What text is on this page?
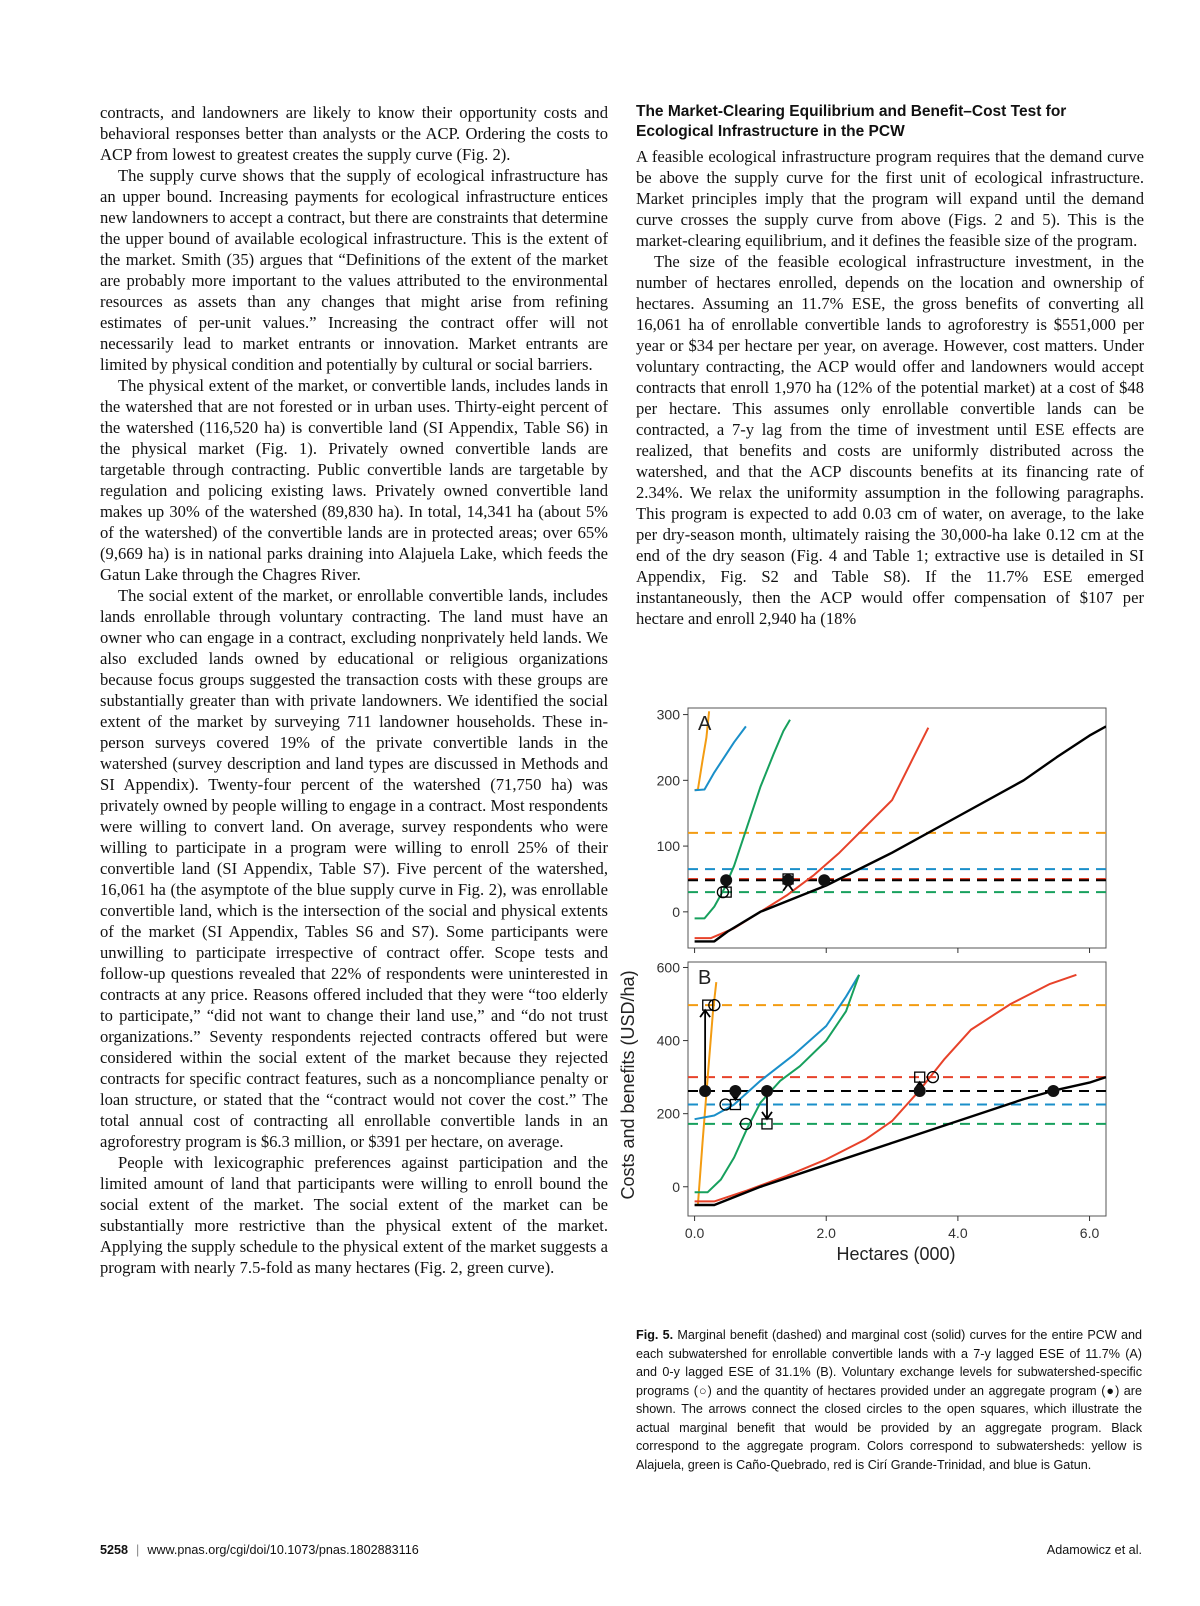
contracts, and landowners are likely to know their opportunity costs and behavioral responses better than analysts or the ACP. Ordering the costs to ACP from lowest to greatest creates the supply curve (Fig. 2).

The supply curve shows that the supply of ecological infrastructure has an upper bound. Increasing payments for ecological infrastructure entices new landowners to accept a contract, but there are constraints that determine the upper bound of available ecological infrastructure. This is the extent of the market. Smith (35) argues that “Definitions of the extent of the market are probably more important to the values attributed to the environmental resources as assets than any changes that might arise from refining estimates of per-unit values.” Increasing the contract offer will not necessarily lead to market entrants or innovation. Market entrants are limited by physical condition and potentially by cultural or social barriers.

The physical extent of the market, or convertible lands, includes lands in the watershed that are not forested or in urban uses. Thirty-eight percent of the watershed (116,520 ha) is convertible land (SI Appendix, Table S6) in the physical market (Fig. 1). Privately owned convertible lands are targetable through contracting. Public convertible lands are targetable by regulation and policing existing laws. Privately owned convertible land makes up 30% of the watershed (89,830 ha). In total, 14,341 ha (about 5% of the watershed) of the convertible lands are in protected areas; over 65% (9,669 ha) is in national parks draining into Alajuela Lake, which feeds the Gatun Lake through the Chagres River.

The social extent of the market, or enrollable convertible lands, includes lands enrollable through voluntary contracting. The land must have an owner who can engage in a contract, excluding nonprivately held lands. We also excluded lands owned by educational or religious organizations because focus groups suggested the transaction costs with these groups are substantially greater than with private landowners. We identified the social extent of the market by surveying 711 landowner households. These in-person surveys covered 19% of the private convertible lands in the watershed (survey description and land types are discussed in Methods and SI Appendix). Twenty-four percent of the watershed (71,750 ha) was privately owned by people willing to engage in a contract. Most respondents were willing to convert land. On average, survey respondents who were willing to participate in a program were willing to enroll 25% of their convertible land (SI Appendix, Table S7). Five percent of the watershed, 16,061 ha (the asymptote of the blue supply curve in Fig. 2), was enrollable convertible land, which is the intersection of the social and physical extents of the market (SI Appendix, Tables S6 and S7). Some participants were unwilling to participate irrespective of contract offer. Scope tests and follow-up questions revealed that 22% of respondents were uninterested in contracts at any price. Reasons offered included that they were “too elderly to participate,” “did not want to change their land use,” and “do not trust organizations.” Seventy respondents rejected contracts offered but were considered within the social extent of the market because they rejected contracts for specific contract features, such as a noncompliance penalty or loan structure, or stated that the “contract would not cover the cost.” The total annual cost of contracting all enrollable convertible lands in an agroforestry program is $6.3 million, or $391 per hectare, on average.

People with lexicographic preferences against participation and the limited amount of land that participants were willing to enroll bound the social extent of the market. The social extent of the market can be substantially more restrictive than the physical extent of the market. Applying the supply schedule to the physical extent of the market suggests a program with nearly 7.5-fold as many hectares (Fig. 2, green curve).

The Market-Clearing Equilibrium and Benefit–Cost Test for Ecological Infrastructure in the PCW

A feasible ecological infrastructure program requires that the demand curve be above the supply curve for the first unit of ecological infrastructure. Market principles imply that the program will expand until the demand curve crosses the supply curve from above (Figs. 2 and 5). This is the market-clearing equilibrium, and it defines the feasible size of the program.

The size of the feasible ecological infrastructure investment, in the number of hectares enrolled, depends on the location and ownership of hectares. Assuming an 11.7% ESE, the gross benefits of converting all 16,061 ha of enrollable convertible lands to agroforestry is $551,000 per year or $34 per hectare per year, on average. However, cost matters. Under voluntary contracting, the ACP would offer and landowners would accept contracts that enroll 1,970 ha (12% of the potential market) at a cost of $48 per hectare. This assumes only enrollable convertible lands can be contracted, a 7-y lag from the time of investment until ESE effects are realized, that benefits and costs are uniformly distributed across the watershed, and that the ACP discounts benefits at its financing rate of 2.34%. We relax the uniformity assumption in the following paragraphs. This program is expected to add 0.03 cm of water, on average, to the lake per dry-season month, ultimately raising the 30,000-ha lake 0.12 cm at the end of the dry season (Fig. 4 and Table 1; extractive use is detailed in SI Appendix, Fig. S2 and Table S8). If the 11.7% ESE emerged instantaneously, then the ACP would offer compensation of $107 per hectare and enroll 2,940 ha (18%

0
100
200
300 A
0
200
400
600
0.0	2.0	4.0	6.0
B
Costs and benefits (USD/ha)
Hectares (000)
Fig. 5. Marginal benefit (dashed) and marginal cost (solid) curves for the entire PCW and each subwatershed for enrollable convertible lands with a 7-y lagged ESE of 11.7% (A) and 0-y lagged ESE of 31.1% (B). Voluntary exchange levels for subwatershed-specific programs (○) and the quantity of hectares provided under an aggregate program (●) are shown. The arrows connect the closed circles to the open squares, which illustrate the actual marginal benefit that would be provided by an aggregate program. Black correspond to the aggregate program. Colors correspond to subwatersheds: yellow is Alajuela, green is Caño-Quebrado, red is Cirí Grande-Trinidad, and blue is Gatun.
5258 | www.pnas.org/cgi/doi/10.1073/pnas.1802883116	Adamowicz et al.
